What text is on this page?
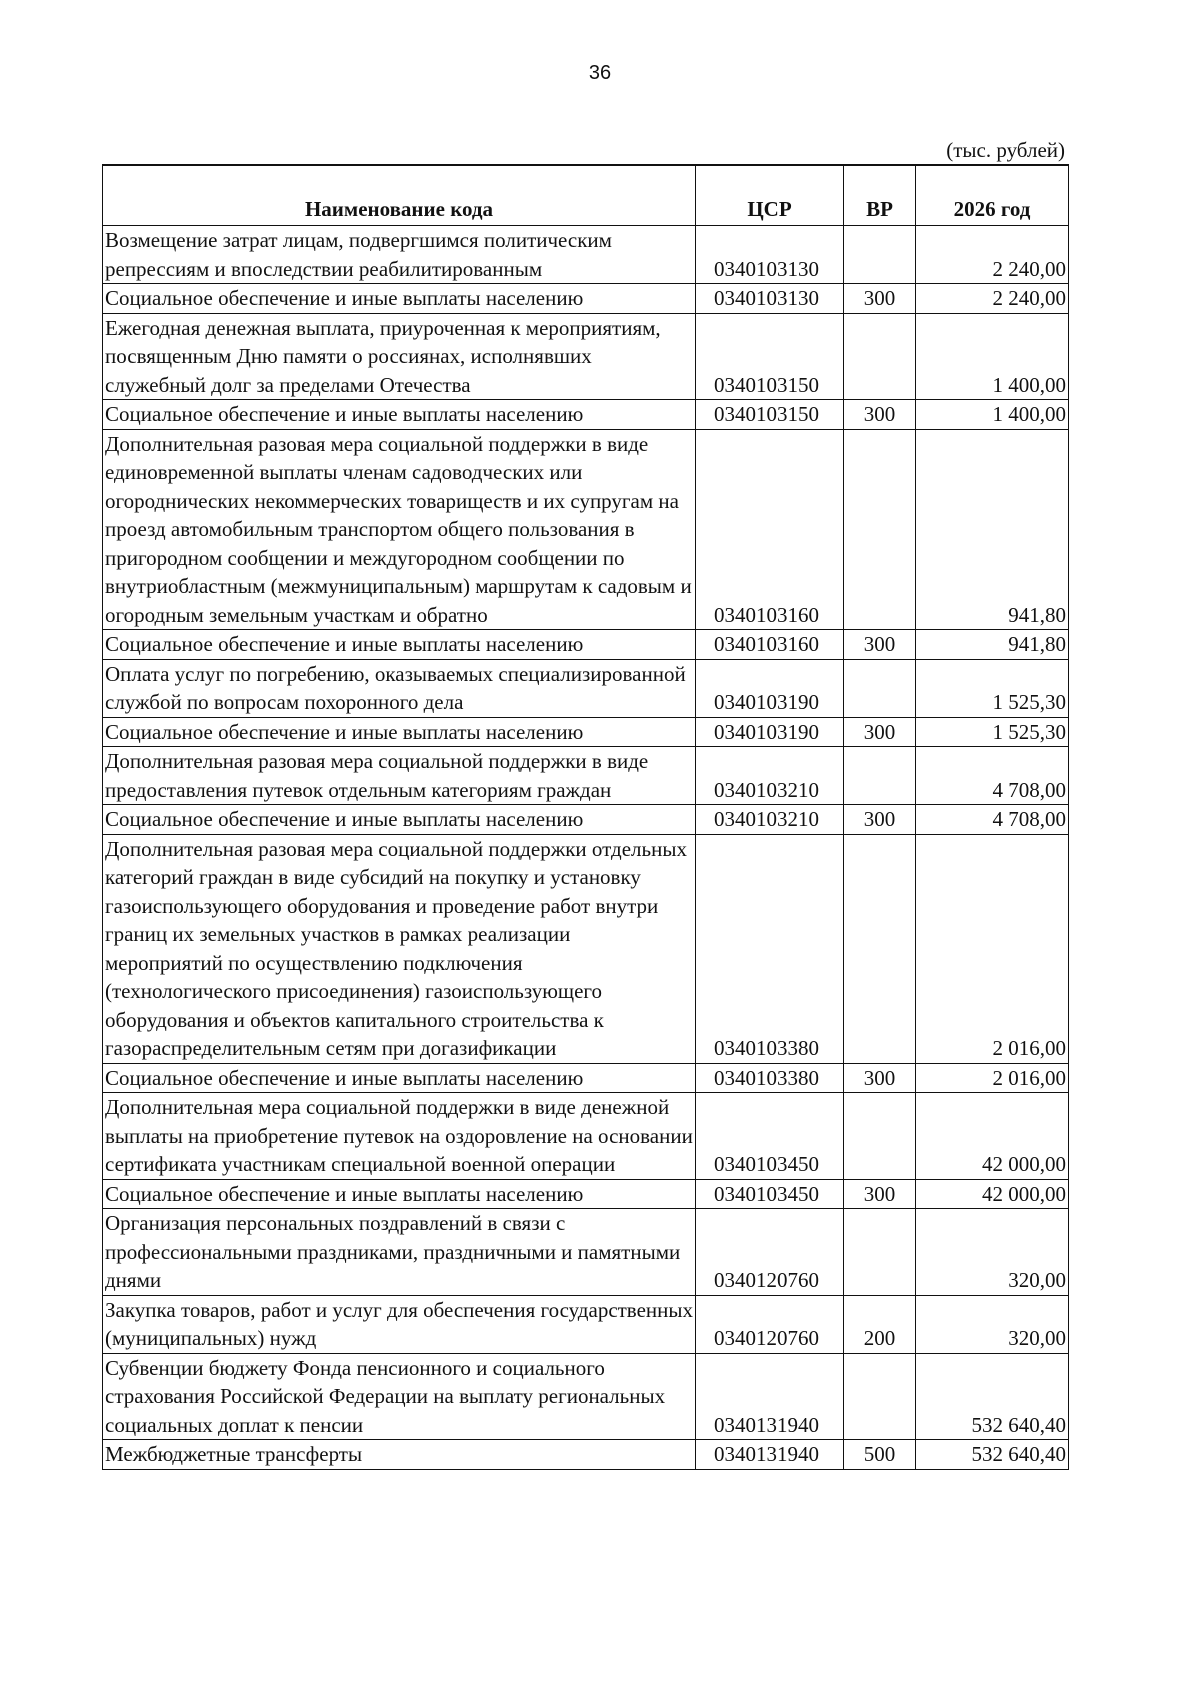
36
(тыс. рублей)
Наименование кода	ЦСР	ВР	2026 год
Возмещение затрат лицам, подвергшимся политическим репрессиям и впоследствии реабилитированным	0340103130		2 240,00
Социальное обеспечение и иные выплаты населению	0340103130	300	2 240,00
Ежегодная денежная выплата, приуроченная к мероприятиям, посвященным Дню памяти о россиянах, исполнявших служебный долг за пределами Отечества	0340103150		1 400,00
Социальное обеспечение и иные выплаты населению	0340103150	300	1 400,00
Дополнительная разовая мера социальной поддержки в виде единовременной выплаты членам садоводческих или огороднических некоммерческих товариществ и их супругам на проезд автомобильным транспортом общего пользования в пригородном сообщении и междугородном сообщении по внутриобластным (межмуниципальным) маршрутам к садовым и огородным земельным участкам и обратно	0340103160		941,80
Социальное обеспечение и иные выплаты населению	0340103160	300	941,80
Оплата услуг по погребению, оказываемых специализированной службой по вопросам похоронного дела	0340103190		1 525,30
Социальное обеспечение и иные выплаты населению	0340103190	300	1 525,30
Дополнительная разовая мера социальной поддержки в виде предоставления путевок отдельным категориям граждан	0340103210		4 708,00
Социальное обеспечение и иные выплаты населению	0340103210	300	4 708,00
Дополнительная разовая мера социальной поддержки отдельных категорий граждан в виде субсидий на покупку и установку газоиспользующего оборудования и проведение работ внутри границ их земельных участков в рамках реализации мероприятий по осуществлению подключения (технологического присоединения) газоиспользующего оборудования и объектов капитального строительства к газораспределительным сетям при догазификации	0340103380		2 016,00
Социальное обеспечение и иные выплаты населению	0340103380	300	2 016,00
Дополнительная мера социальной поддержки в виде денежной выплаты на приобретение путевок на оздоровление на основании сертификата участникам специальной военной операции	0340103450		42 000,00
Социальное обеспечение и иные выплаты населению	0340103450	300	42 000,00
Организация персональных поздравлений в связи с профессиональными праздниками, праздничными и памятными днями	0340120760		320,00
Закупка товаров, работ и услуг для обеспечения государственных (муниципальных) нужд	0340120760	200	320,00
Субвенции бюджету Фонда пенсионного и социального страхования Российской Федерации на выплату региональных социальных доплат к пенсии	0340131940		532 640,40
Межбюджетные трансферты	0340131940	500	532 640,40
